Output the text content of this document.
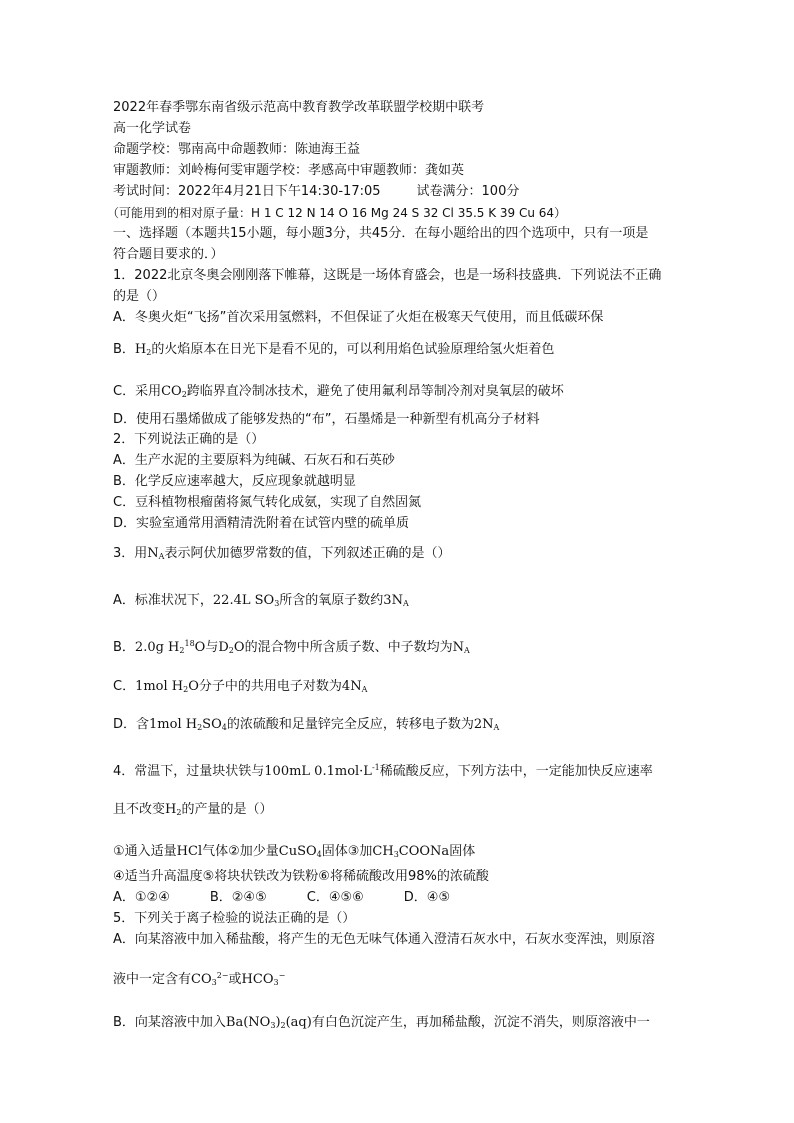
2022年春季鄂东南省级示范高中教育教学改革联盟学校期中联考
高一化学试卷
命题学校：鄂南高中命题教师：陈迪海王益
审题教师：刘岭梅何雯审题学校：孝感高中审题教师：龚如英
考试时间：2022年4月21日下午14:30-17:05	试卷满分：100分
（可能用到的相对原子量：H 1 C 12 N 14 O 16 Mg 24 S 32 Cl 35.5 K 39 Cu 64）
一、选择题（本题共15小题，每小题3分，共45分．在每小题给出的四个选项中，只有一项是
符合题目要求的．）
1．2022北京冬奥会刚刚落下帷幕，这既是一场体育盛会，也是一场科技盛典．下列说法不正确
的是（）
A．冬奥火炬“飞扬”首次采用氢燃料，不但保证了火炬在极寒天气使用，而且低碳环保
B．$H_2$的火焰原本在日光下是看不见的，可以利用焰色试验原理给氢火炬着色
C．采用$CO_2$跨临界直冷制冰技术，避免了使用氟利昂等制冷剂对臭氧层的破坏
D．使用石墨烯做成了能够发热的“布”，石墨烯是一种新型有机高分子材料
2．下列说法正确的是（）
A．生产水泥的主要原料为纯碱、石灰石和石英砂
B．化学反应速率越大，反应现象就越明显
C．豆科植物根瘤菌将氮气转化成氨，实现了自然固氮
D．实验室通常用酒精清洗附着在试管内壁的硫单质
3．用$N_A$表示阿伏加德罗常数的值，下列叙述正确的是（）
A．标准状况下，22.4L $SO_3$所含的氧原子数约$3N_A$
B．2.0g $H_2^{18}O$与$D_2O$的混合物中所含质子数、中子数均为$N_A$
C．1mol $H_2O$分子中的共用电子对数为$4N_A$
D．含1mol $H_2SO_4$的浓硫酸和足量锌完全反应，转移电子数为$2N_A$
4．常温下，过量块状铁与100mL $0.1mol\cdot L^{-1}$稀硫酸反应，下列方法中，一定能加快反应速率
且不改变$H_2$的产量的是（）
①通入适量HCl气体②加少量CuSO$_4$固体③加$CH_3COONa$固体
④适当升高温度⑤将块状铁改为铁粉⑥将稀硫酸改用98%的浓硫酸
A．①②④	B．②④⑤	C．④⑤⑥	D．④⑤
5．下列关于离子检验的说法正确的是（）
A．向某溶液中加入稀盐酸，将产生的无色无味气体通入澄清石灰水中，石灰水变浑浊，则原溶
液中一定含有$CO_3^{2-}$或$HCO_3^-$
B．向某溶液中加入$Ba(NO_3)_2(aq)$有白色沉淀产生，再加稀盐酸，沉淀不消失，则原溶液中一
